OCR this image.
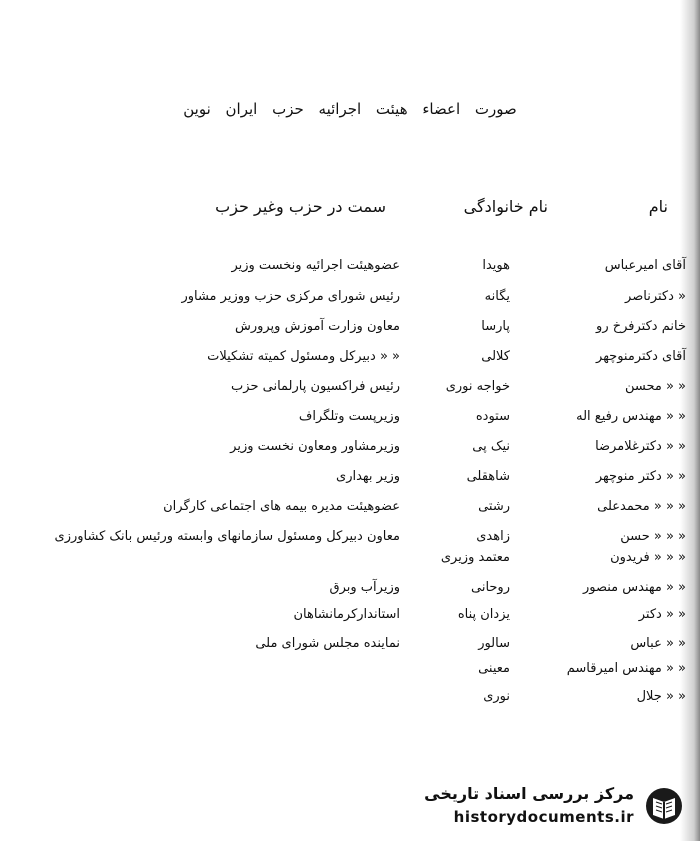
صورت اعضاء هیئت اجرائیه حزب ایران نوین
نام
نام خانوادگی
سمت در حزب وغیر حزب
آقای امیرعباس
هویدا
عضوهیئت اجرائیه ونخست وزیر
« دکترناصر
یگانه
رئیس شورای مرکزی حزب ووزیر مشاور
خانم دکترفرخ رو
پارسا
معاون وزارت آموزش وپرورش
آقای دکترمنوچهر
کلالی
« « دبیرکل ومسئول کمیته تشکیلات
« « محسن
خواجه نوری
رئیس فراکسیون پارلمانی حزب
« « مهندس رفیع اله
ستوده
وزیرپست وتلگراف
« « دکترغلامرضا
نیک پی
وزیرمشاور ومعاون نخست وزیر
« « دکتر منوچهر
شاهقلی
وزیر بهداری
« « « محمدعلی
رشتی
عضوهیئت مدیره بیمه های اجتماعی کارگران
« « « حسن
زاهدی
معاون دبیرکل ومسئول سازمانهای وابسته ورئیس بانک کشاورزی
« « « فریدون
معتمد وزیری
« « مهندس منصور
روحانی
وزیرآب وبرق
« « دکتر
یزدان پناه
استاندارکرمانشاهان
« « عباس
سالور
نماینده مجلس شورای ملی
« « مهندس امیرقاسم
معینی
« « جلال
نوری
مرکز بررسی اسناد تاریخی
historydocuments.ir
